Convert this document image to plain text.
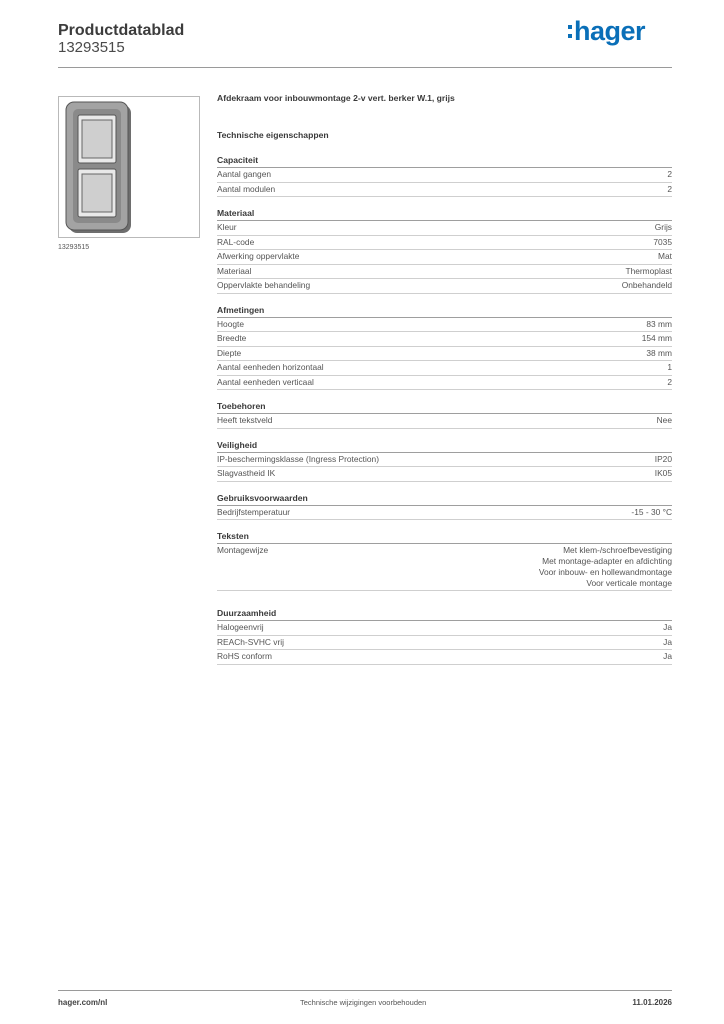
Productdatablad
13293515
hager
13293515
Afdekraam voor inbouwmontage 2-v vert. berker W.1, grijs
Technische eigenschappen
Capaciteit
Aantal gangen	2
Aantal modulen	2
Materiaal
Kleur	Grijs
RAL-code	7035
Afwerking oppervlakte	Mat
Materiaal	Thermoplast
Oppervlakte behandeling	Onbehandeld
Afmetingen
Hoogte	83 mm
Breedte	154 mm
Diepte	38 mm
Aantal eenheden horizontaal	1
Aantal eenheden verticaal	2
Toebehoren
Heeft tekstveld	Nee
Veiligheid
IP-beschermingsklasse (Ingress Protection)	IP20
Slagvastheid IK	IK05
Gebruiksvoorwaarden
Bedrijfstemperatuur	-15 - 30 °C
Teksten
Montagewijze	Met klem-/schroefbevestiging
Met montage-adapter en afdichting
Voor inbouw- en hollewandmontage
Voor verticale montage
Duurzaamheid
Halogeenvrij	Ja
REACh-SVHC vrij	Ja
RoHS conform	Ja
hager.com/nl	Technische wijzigingen voorbehouden	11.01.2026
